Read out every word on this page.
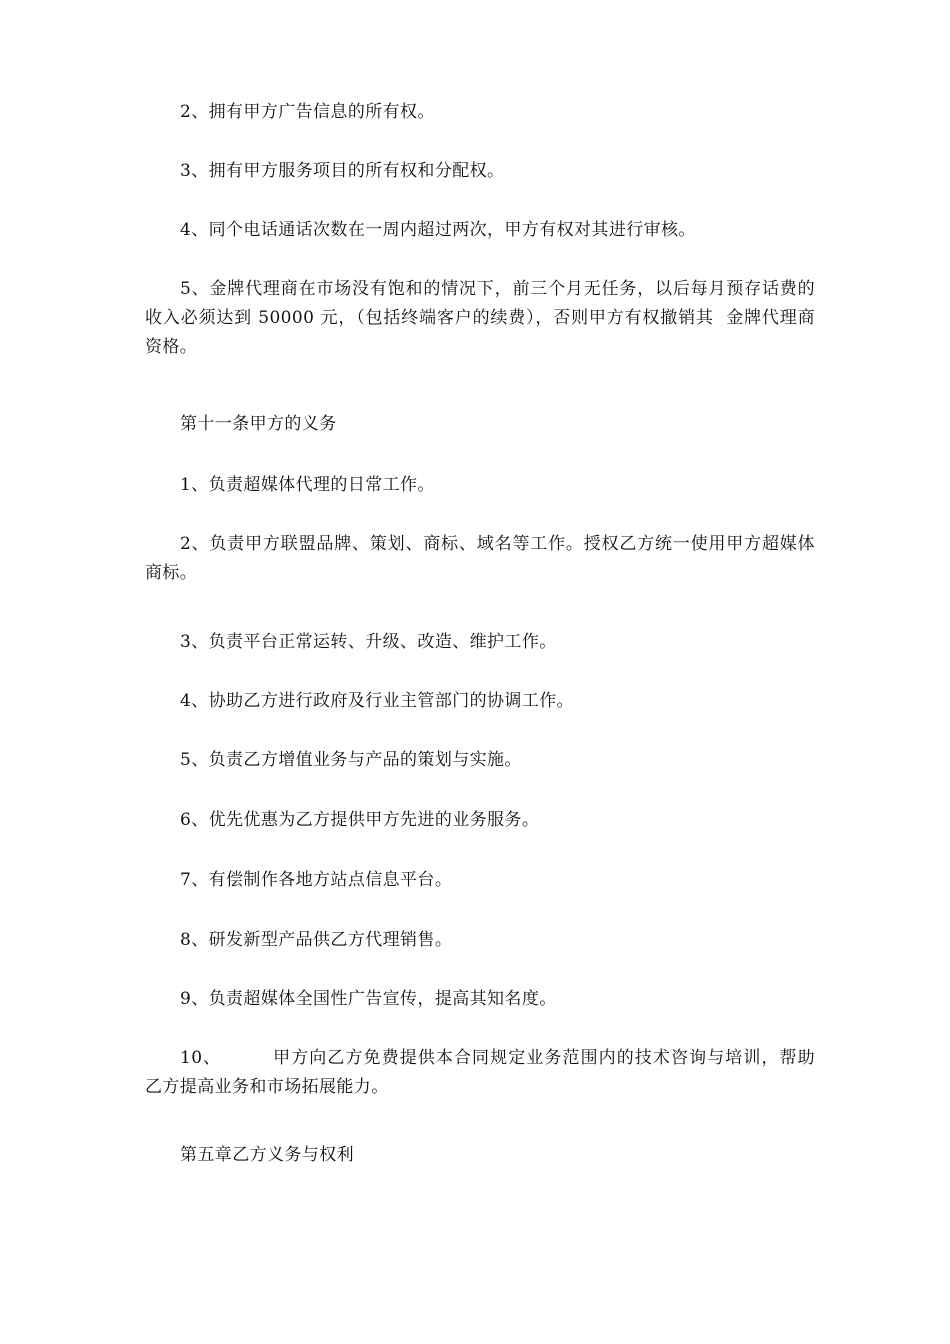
2、拥有甲方广告信息的所有权。

3、拥有甲方服务项目的所有权和分配权。

4、同个电话通话次数在一周内超过两次，甲方有权对其进行审核。

5、金牌代理商在市场没有饱和的情况下，前三个月无任务，以后每月预存话费的收入必须达到 50000 元，（包括终端客户的续费），否则甲方有权撤销其  金牌代理商资格。

第十一条甲方的义务

1、负责超媒体代理的日常工作。

2、负责甲方联盟品牌、策划、商标、域名等工作。授权乙方统一使用甲方超媒体商标。

3、负责平台正常运转、升级、改造、维护工作。

4、协助乙方进行政府及行业主管部门的协调工作。

5、负责乙方增值业务与产品的策划与实施。

6、优先优惠为乙方提供甲方先进的业务服务。

7、有偿制作各地方站点信息平台。

8、研发新型产品供乙方代理销售。

9、负责超媒体全国性广告宣传，提高其知名度。

10、        甲方向乙方免费提供本合同规定业务范围内的技术咨询与培训，帮助  乙方提高业务和市场拓展能力。

第五章乙方义务与权利
